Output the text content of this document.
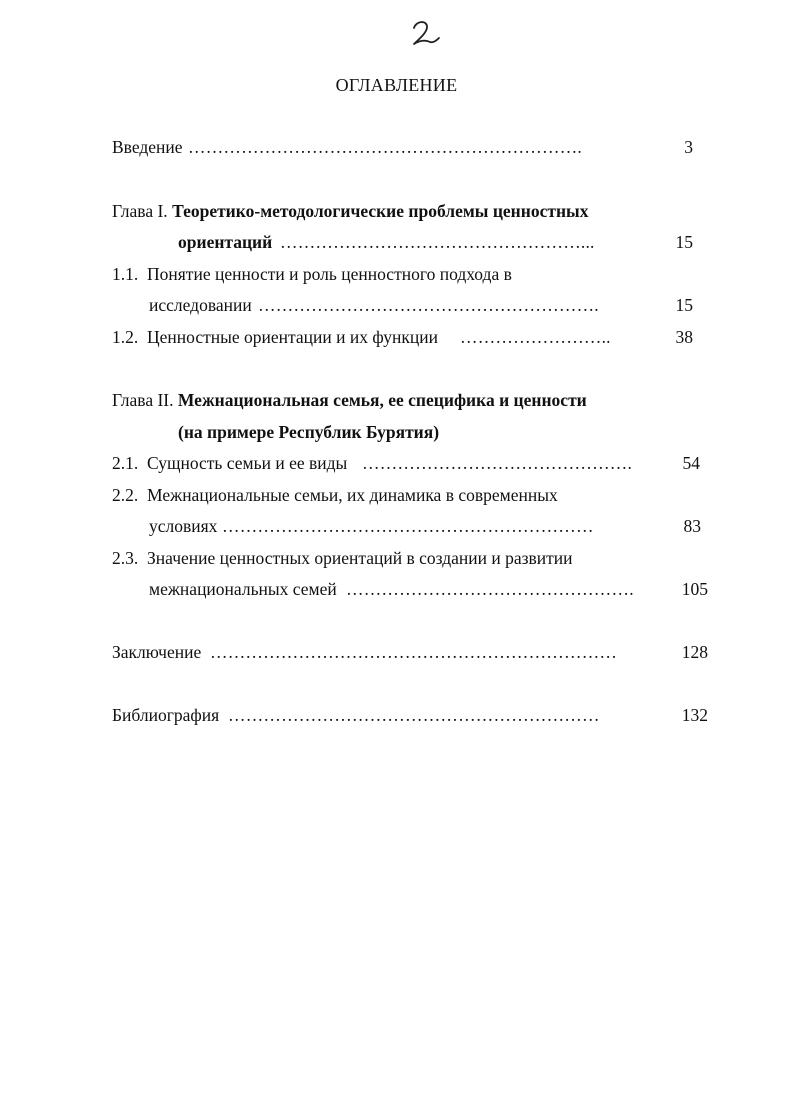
ОГЛАВЛЕНИЕ
Введение ………………………………………………………….	3
Глава I. Теоретико-методологические проблемы ценностных
ориентаций ……………………………………………...	15
1.1. Понятие ценности и роль ценностного подхода в
исследовании ………………………………………………….	15
1.2. Ценностные ориентации и их функции ……………………..	38
Глава II. Межнациональная семья, ее специфика и ценности
(на примере Республик Бурятия)
2.1. Сущность семьи и ее виды ……………………………………….	54
2.2. Межнациональные семьи, их динамика в современных
условиях ………………………………………………………	83
2.3. Значение ценностных ориентаций в создании и развитии
межнациональных семей ………………………………………….	105
Заключение ……………………………………………………………	128
Библиография ………………………………………………………	132
